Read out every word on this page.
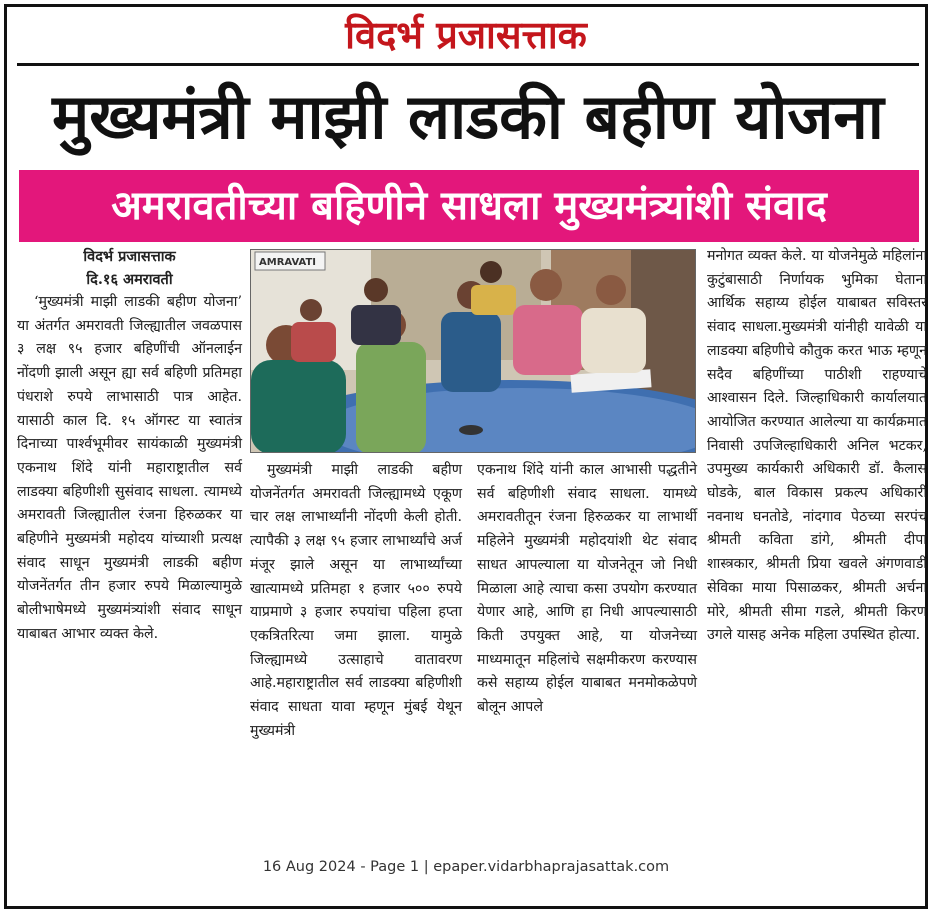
विदर्भ प्रजासत्ताक
मुख्यमंत्री माझी लाडकी बहीण योजना
अमरावतीच्या बहिणीने साधला मुख्यमंत्र्यांशी संवाद
विदर्भ प्रजासत्ताक
दि.१६ अमरावती

‘मुख्यमंत्री माझी लाडकी बहीण योजना’ या अंतर्गत अमरावती जिल्ह्यातील जवळपास ३ लक्ष ९५ हजार बहिणींची ऑनलाईन नोंदणी झाली असून ह्या सर्व बहिणी प्रतिमहा पंधराशे रुपये लाभासाठी पात्र आहेत. यासाठी काल दि. १५ ऑगस्ट या स्वातंत्र दिनाच्या पार्श्वभूमीवर सायंकाळी मुख्यमंत्री एकनाथ शिंदे यांनी महाराष्ट्रातील सर्व लाडक्या बहिणीशी सुसंवाद साधला. त्यामध्ये अमरावती जिल्ह्यातील रंजना हिरुळकर या बहिणीने मुख्यमंत्री महोदय यांच्याशी प्रत्यक्ष संवाद साधून मुख्यमंत्री लाडकी बहीण योजनेंतर्गत तीन हजार रुपये मिळाल्यामुळे बोलीभाषेमध्ये मुख्यमंत्र्यांशी संवाद साधून याबाबत आभार व्यक्त केले.

AMRAVATI

मुख्यमंत्री माझी लाडकी बहीण योजनेंतर्गत अमरावती जिल्ह्यामध्ये एकूण चार लक्ष लाभार्थ्यांनी नोंदणी केली होती. त्यापैकी ३ लक्ष ९५ हजार लाभार्थ्यांचे अर्ज मंजूर झाले असून या लाभार्थ्यांच्या खात्यामध्ये प्रतिमहा १ हजार ५०० रुपये याप्रमाणे ३ हजार रुपयांचा पहिला हप्ता एकत्रितरित्या जमा झाला. यामुळे जिल्ह्यामध्ये उत्साहाचे वातावरण आहे.महाराष्ट्रातील सर्व लाडक्या बहिणीशी संवाद साधता यावा म्हणून मुंबई येथून मुख्यमंत्री

एकनाथ शिंदे यांनी काल आभासी पद्धतीने सर्व बहिणीशी संवाद साधला. यामध्ये अमरावतीतून रंजना हिरुळकर या लाभार्थी महिलेने मुख्यमंत्री महोदयांशी थेट संवाद साधत आपल्याला या योजनेतून जो निधी मिळाला आहे त्याचा कसा उपयोग करण्यात येणार आहे, आणि हा निधी आपल्यासाठी किती उपयुक्त आहे, या योजनेच्या माध्यमातून महिलांचे सक्षमीकरण करण्यास कसे सहाय्य होईल याबाबत मनमोकळेपणे बोलून आपले

मनोगत व्यक्त केले. या योजनेमुळे महिलांना कुटुंबासाठी निर्णायक भुमिका घेताना आर्थिक सहाय्य होईल याबाबत सविस्तर संवाद साधला.मुख्यमंत्री यांनीही यावेळी या लाडक्या बहिणीचे कौतुक करत भाऊ म्हणून सदैव बहिणींच्या पाठीशी राहण्याचे आश्वासन दिले. जिल्हाधिकारी कार्यालयात आयोजित करण्यात आलेल्या या कार्यक्रमात निवासी उपजिल्हाधिकारी अनिल भटकर, उपमुख्य कार्यकारी अधिकारी डॉ. कैलास घोडके, बाल विकास प्रकल्प अधिकारी नवनाथ घनतोडे, नांदगाव पेठच्या सरपंच श्रीमती कविता डांगे, श्रीमती दीपा शास्त्रकार, श्रीमती प्रिया खवले अंगणवाडी सेविका माया पिसाळकर, श्रीमती अर्चना मोरे, श्रीमती सीमा गडले, श्रीमती किरण उगले यासह अनेक महिला उपस्थित होत्या.

16 Aug 2024 - Page 1 | epaper.vidarbhaprajasattak.com
